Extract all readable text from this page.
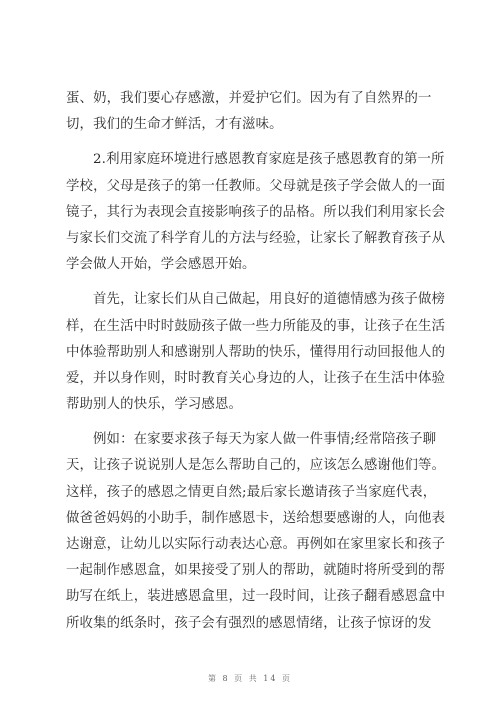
蛋、奶，我们要心存感激，并爱护它们。因为有了自然界的一
切，我们的生命才鲜活，才有滋味。
2.利用家庭环境进行感恩教育家庭是孩子感恩教育的第一所
学校，父母是孩子的第一任教师。父母就是孩子学会做人的一面
镜子，其行为表现会直接影响孩子的品格。所以我们利用家长会
与家长们交流了科学育儿的方法与经验，让家长了解教育孩子从
学会做人开始，学会感恩开始。
首先，让家长们从自己做起，用良好的道德情感为孩子做榜
样，在生活中时时鼓励孩子做一些力所能及的事，让孩子在生活
中体验帮助别人和感谢别人帮助的快乐，懂得用行动回报他人的
爱，并以身作则，时时教育关心身边的人，让孩子在生活中体验
帮助别人的快乐，学习感恩。
例如：在家要求孩子每天为家人做一件事情;经常陪孩子聊
天，让孩子说说别人是怎么帮助自己的，应该怎么感谢他们等。
这样，孩子的感恩之情更自然;最后家长邀请孩子当家庭代表，
做爸爸妈妈的小助手，制作感恩卡，送给想要感谢的人，向他表
达谢意，让幼儿以实际行动表达心意。再例如在家里家长和孩子
一起制作感恩盒，如果接受了别人的帮助，就随时将所受到的帮
助写在纸上，装进感恩盒里，过一段时间，让孩子翻看感恩盒中
所收集的纸条时，孩子会有强烈的感恩情绪，让孩子惊讶的发
第 8 页 共 14 页
